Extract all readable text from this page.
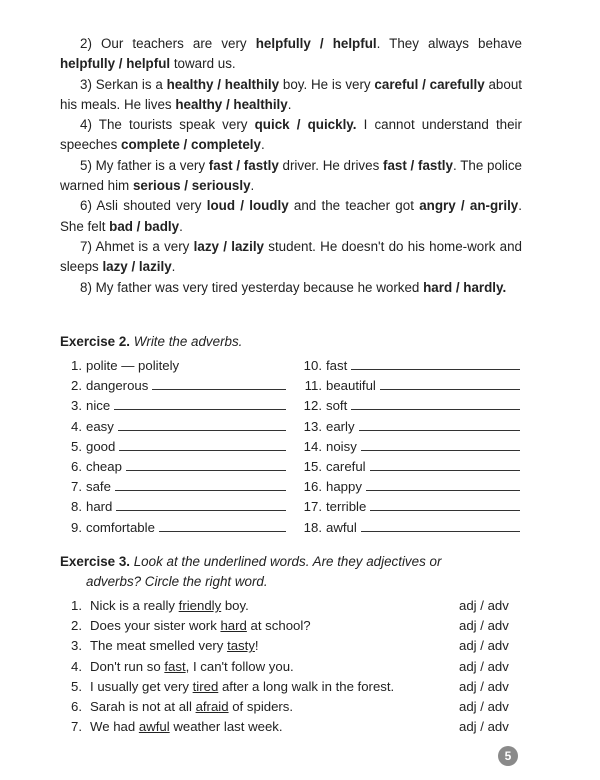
2) Our teachers are very helpfully / helpful. They always behave helpfully / helpful toward us.

3) Serkan is a healthy / healthily boy. He is very careful / carefully about his meals. He lives healthy / healthily.

4) The tourists speak very quick / quickly. I cannot understand their speeches complete / completely.

5) My father is a very fast / fastly driver. He drives fast / fastly. The police warned him serious / seriously.

6) Asli shouted very loud / loudly and the teacher got angry / an-grily. She felt bad / badly.

7) Ahmet is a very lazy / lazily student. He doesn't do his home-work and sleeps lazy / lazily.

8) My father was very tired yesterday because he worked hard / hardly.

Exercise 2. Write the adverbs.
1. polite — politely
2. dangerous
3. nice
4. easy
5. good
6. cheap
7. safe
8. hard
9. comfortable
10. fast
11. beautiful
12. soft
13. early
14. noisy
15. careful
16. happy
17. terrible
18. awful
Exercise 3. Look at the underlined words. Are they adjectives or
adverbs? Circle the right word.
1. Nick is a really friendly boy.	adj / adv
2. Does your sister work hard at school?	adj / adv
3. The meat smelled very tasty!	adj / adv
4. Don't run so fast, I can't follow you.	adj / adv
5. I usually get very tired after a long walk in the forest.	adj / adv
6. Sarah is not at all afraid of spiders.	adj / adv
7. We had awful weather last week.	adj / adv
5
